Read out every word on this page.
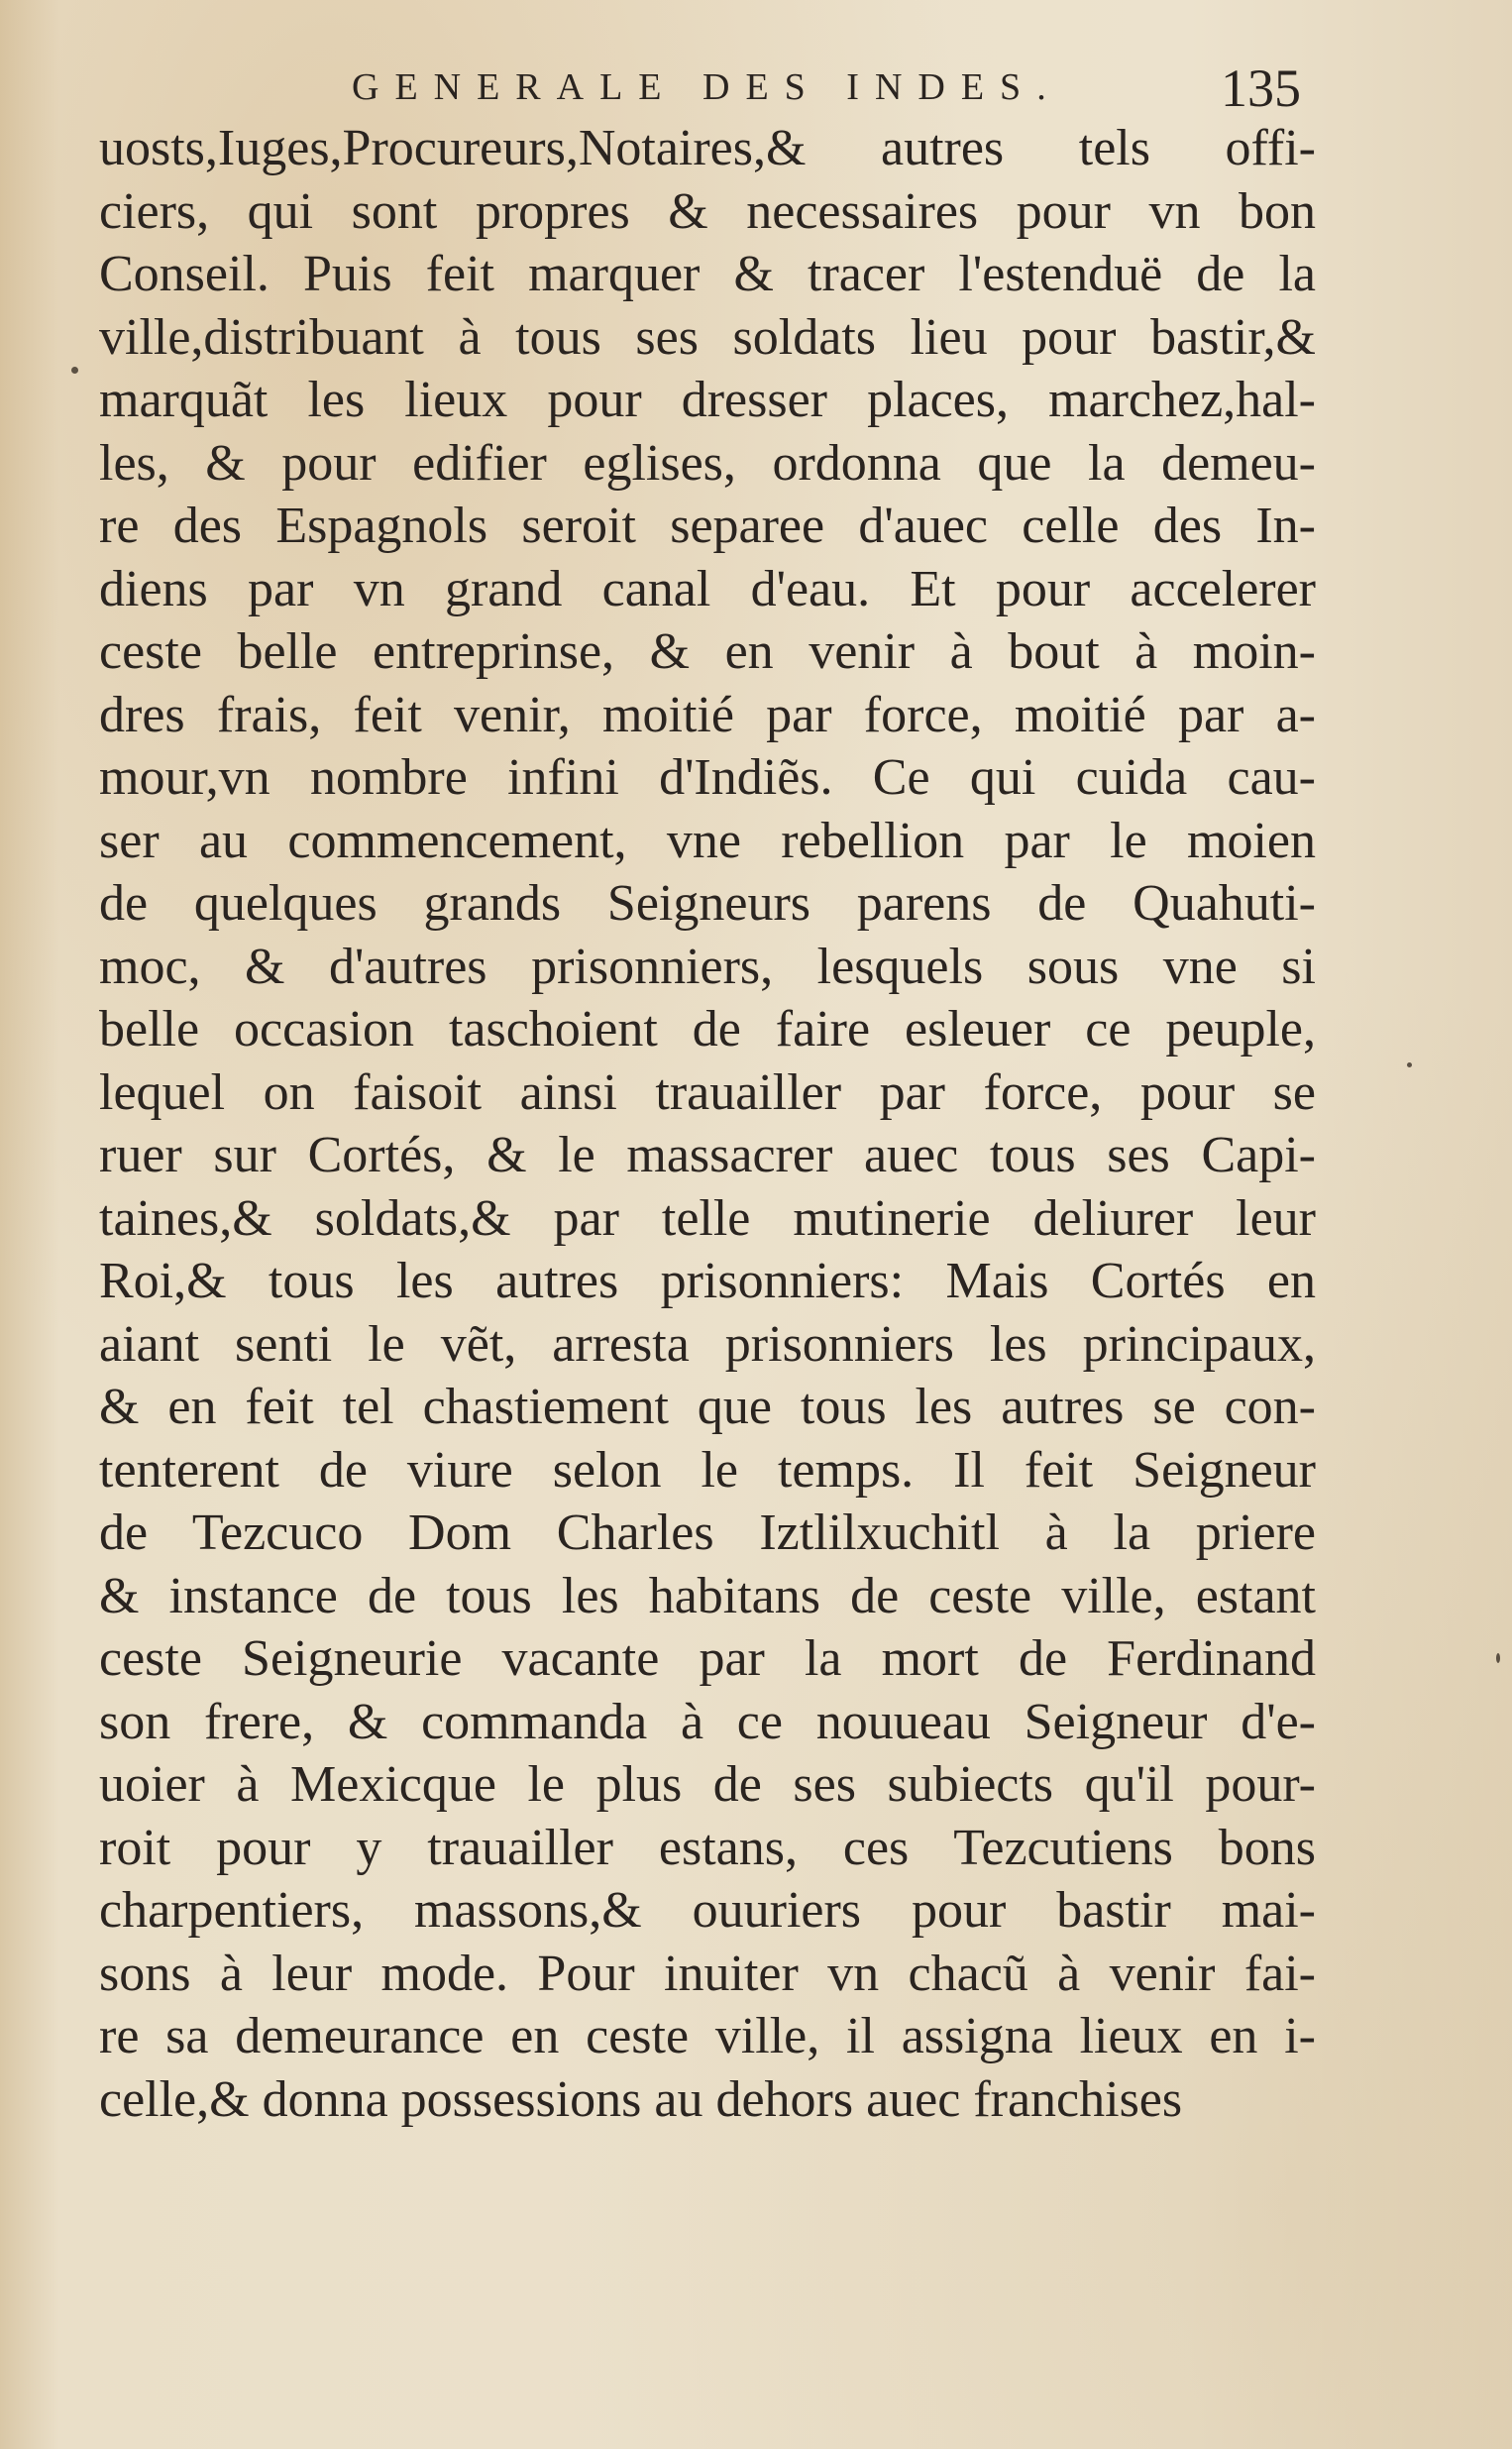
GENERALE DES INDES.	135
uosts,Iuges,Procureurs,Notaires,& autres tels offi-
ciers, qui sont propres & necessaires pour vn bon
Conseil. Puis feit marquer & tracer l'estenduë de la
ville,distribuant à tous ses soldats lieu pour bastir,&
marquãt les lieux pour dresser places, marchez,hal-
les, & pour edifier eglises, ordonna que la demeu-
re des Espagnols seroit separee d'auec celle des In-
diens par vn grand canal d'eau. Et pour accelerer
ceste belle entreprinse, & en venir à bout à moin-
dres frais, feit venir, moitié par force, moitié par a-
mour,vn nombre infini d'Indiẽs. Ce qui cuida cau-
ser au commencement, vne rebellion par le moien
de quelques grands Seigneurs parens de Quahuti-
moc, & d'autres prisonniers, lesquels sous vne si
belle occasion taschoient de faire esleuer ce peuple,
lequel on faisoit ainsi trauailler par force, pour se
ruer sur Cortés, & le massacrer auec tous ses Capi-
taines,& soldats,& par telle mutinerie deliurer leur
Roi,& tous les autres prisonniers: Mais Cortés en
aiant senti le vẽt, arresta prisonniers les principaux,
& en feit tel chastiement que tous les autres se con-
tenterent de viure selon le temps. Il feit Seigneur
de Tezcuco Dom Charles Iztlilxuchitl à la priere
& instance de tous les habitans de ceste ville, estant
ceste Seigneurie vacante par la mort de Ferdinand
son frere, & commanda à ce nouueau Seigneur d'e-
uoier à Mexicque le plus de ses subiects qu'il pour-
roit pour y trauailler estans, ces Tezcutiens bons
charpentiers, massons,& ouuriers pour bastir mai-
sons à leur mode. Pour inuiter vn chacũ à venir fai-
re sa demeurance en ceste ville, il assigna lieux en i-
celle,& donna possessions au dehors auec franchises
